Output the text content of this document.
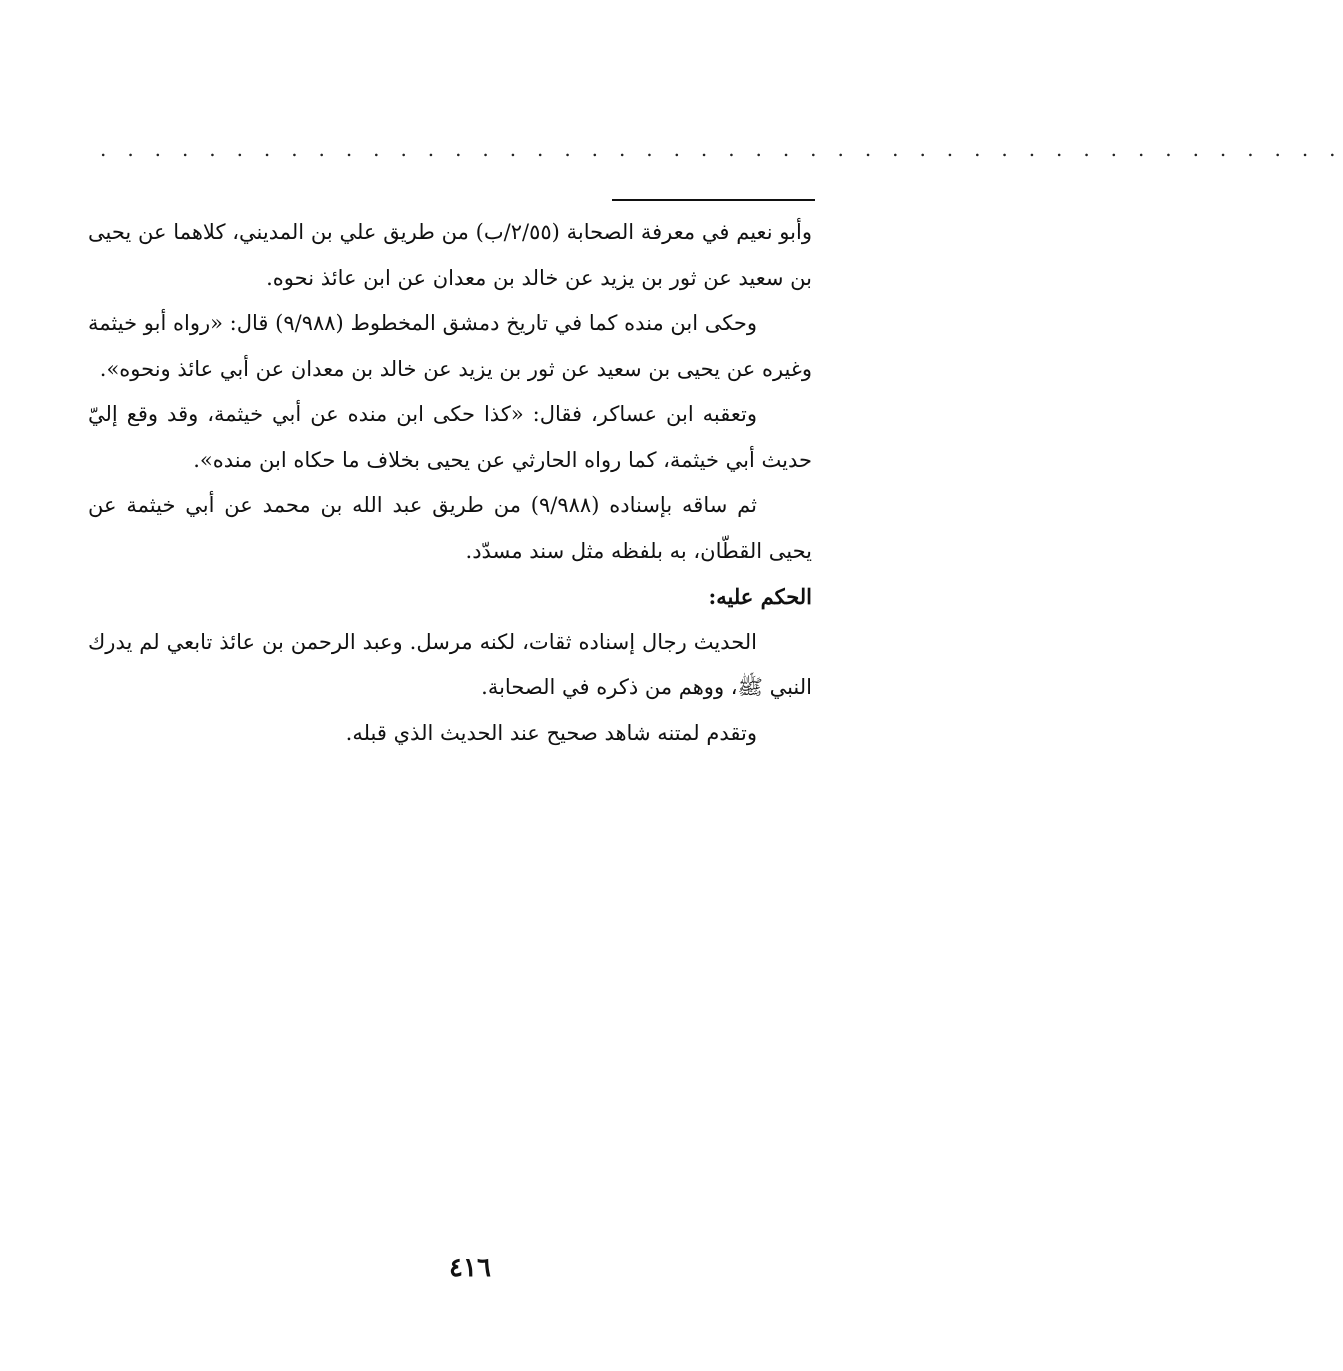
. . . . . . . . . . . . . . . . . . . . . . . . . . . . . . . . . . . . . . . . . . . . . .

وأبو نعيم في معرفة الصحابة (٢/٥٥/ب) من طريق علي بن المديني، كلاهما عن يحيى بن سعيد عن ثور بن يزيد عن خالد بن معدان عن ابن عائذ نحوه.

وحكى ابن منده كما في تاريخ دمشق المخطوط (٩/٩٨٨) قال: «رواه أبو خيثمة وغيره عن يحيى بن سعيد عن ثور بن يزيد عن خالد بن معدان عن أبي عائذ ونحوه».

وتعقبه ابن عساكر، فقال: «كذا حكى ابن منده عن أبي خيثمة، وقد وقع إليّ حديث أبي خيثمة، كما رواه الحارثي عن يحيى بخلاف ما حكاه ابن منده».

ثم ساقه بإسناده (٩/٩٨٨) من طريق عبد الله بن محمد عن أبي خيثمة عن يحيى القطّان، به بلفظه مثل سند مسدّد.

الحكم عليه:

الحديث رجال إسناده ثقات، لكنه مرسل. وعبد الرحمن بن عائذ تابعي لم يدرك النبي ﷺ، ووهم من ذكره في الصحابة.

وتقدم لمتنه شاهد صحيح عند الحديث الذي قبله.

٤١٦
